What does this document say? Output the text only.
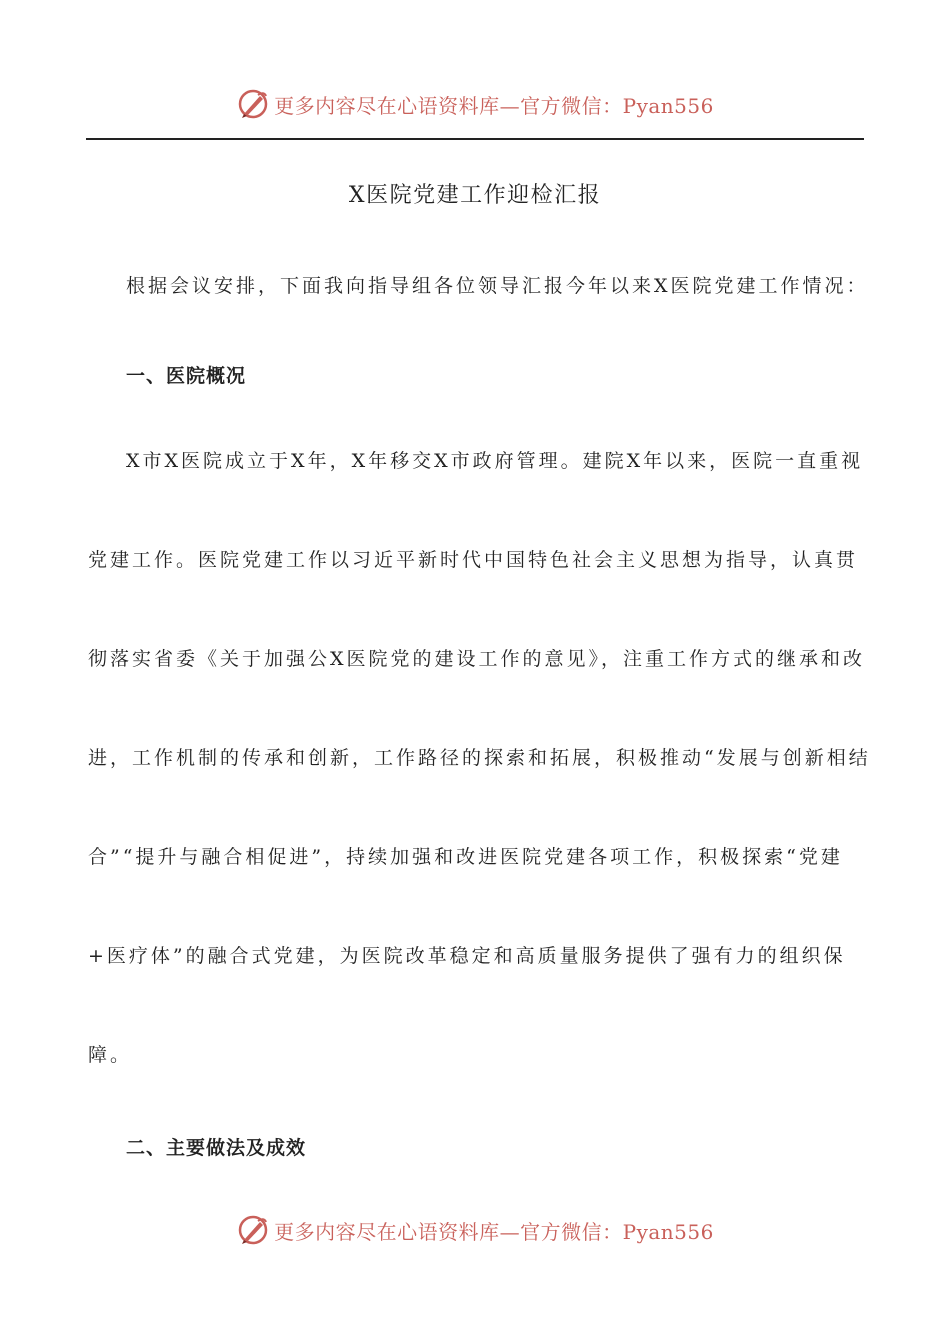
更多内容尽在心语资料库—官方微信：Pyan556
X医院党建工作迎检汇报

根据会议安排，下面我向指导组各位领导汇报今年以来X医院党建工作情况：

一、医院概况

X市X医院成立于X年，X年移交X市政府管理。建院X年以来，医院一直重视党建工作。医院党建工作以习近平新时代中国特色社会主义思想为指导，认真贯彻落实省委《关于加强公X医院党的建设工作的意见》，注重工作方式的继承和改进，工作机制的传承和创新，工作路径的探索和拓展，积极推动“发展与创新相结合”“提升与融合相促进”，持续加强和改进医院党建各项工作，积极探索“党建+医疗体”的融合式党建，为医院改革稳定和高质量服务提供了强有力的组织保障。

二、主要做法及成效
更多内容尽在心语资料库—官方微信：Pyan556
